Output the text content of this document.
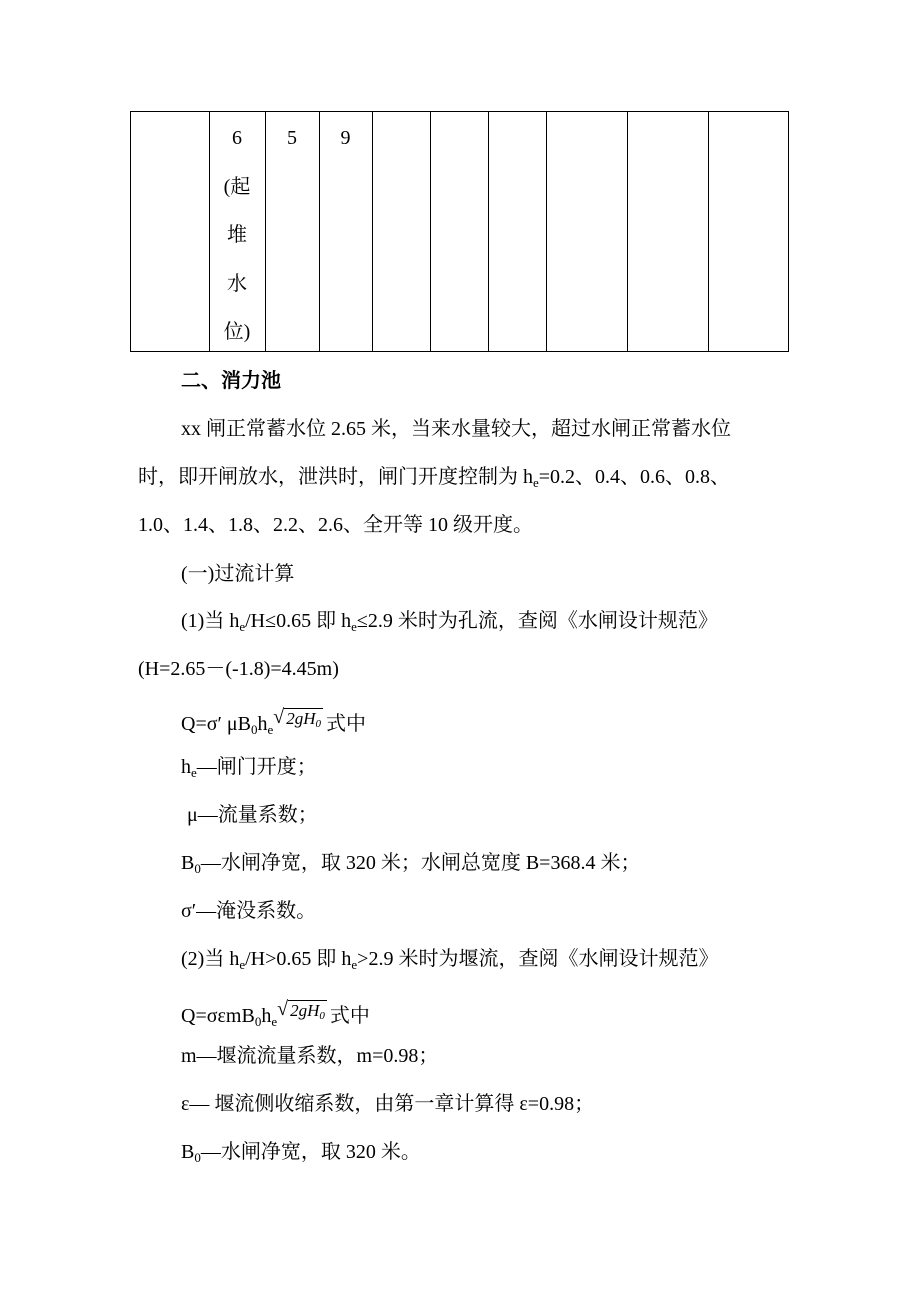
6
(起
堆
水
位)
5	9
二、消力池
xx 闸正常蓄水位 2.65 米，当来水量较大，超过水闸正常蓄水位
时，即开闸放水，泄洪时，闸门开度控制为 $h_e=0.2$、0.4、0.6、0.8、
1.0、1.4、1.8、2.2、2.6、全开等 10 级开度。
(一)过流计算
(1)当 $h_e/H\le 0.65$ 即 $h_e\le 2.9$ 米时为孔流，查阅《水闸设计规范》
(H=2.65－(-1.8)=4.45m)
Q=σ′ $\mu B_0h_e$
√ $2gH_0$ 式中
$h_e—$闸门开度；
μ—流量系数；
$B_0—$水闸净宽，取 320 米；水闸总宽度 B=368.4 米；
σ′—淹没系数。
(2)当 $h_e/H>0.65$ 即 $h_e>2.9$ 米时为堰流，查阅《水闸设计规范》
$Q=\sigma\varepsilon mB_0h_e$
√ $2gH_0$ 式中
m—堰流流量系数，m=0.98；
ε— 堰流侧收缩系数，由第一章计算得 ε=0.98；
$B_0—$水闸净宽，取 320 米。
